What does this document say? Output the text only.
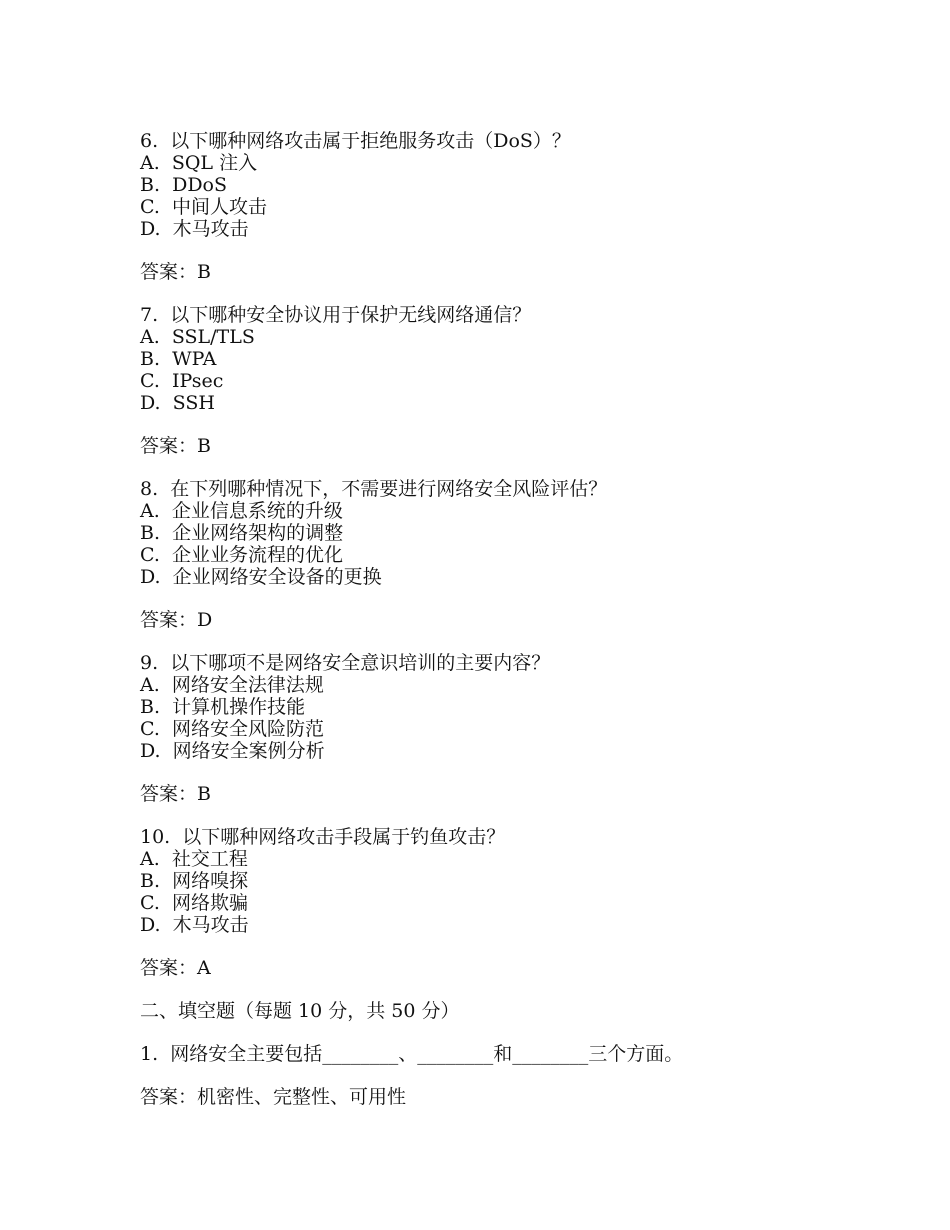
6.  以下哪种网络攻击属于拒绝服务攻击（DoS）？

A.  SQL 注入

B.  DDoS

C.  中间人攻击

D.  木马攻击

答案：B

7.  以下哪种安全协议用于保护无线网络通信？

A.  SSL/TLS

B.  WPA

C.  IPsec

D.  SSH

答案：B

8.  在下列哪种情况下，不需要进行网络安全风险评估？

A.  企业信息系统的升级

B.  企业网络架构的调整

C.  企业业务流程的优化

D.  企业网络安全设备的更换

答案：D

9.  以下哪项不是网络安全意识培训的主要内容？

A.  网络安全法律法规

B.  计算机操作技能

C.  网络安全风险防范

D.  网络安全案例分析

答案：B

10.  以下哪种网络攻击手段属于钓鱼攻击？

A.  社交工程

B.  网络嗅探

C.  网络欺骗

D.  木马攻击

答案：A

二、填空题（每题 10 分，共 50 分）

1.  网络安全主要包括________、________和________三个方面。

答案：机密性、完整性、可用性
